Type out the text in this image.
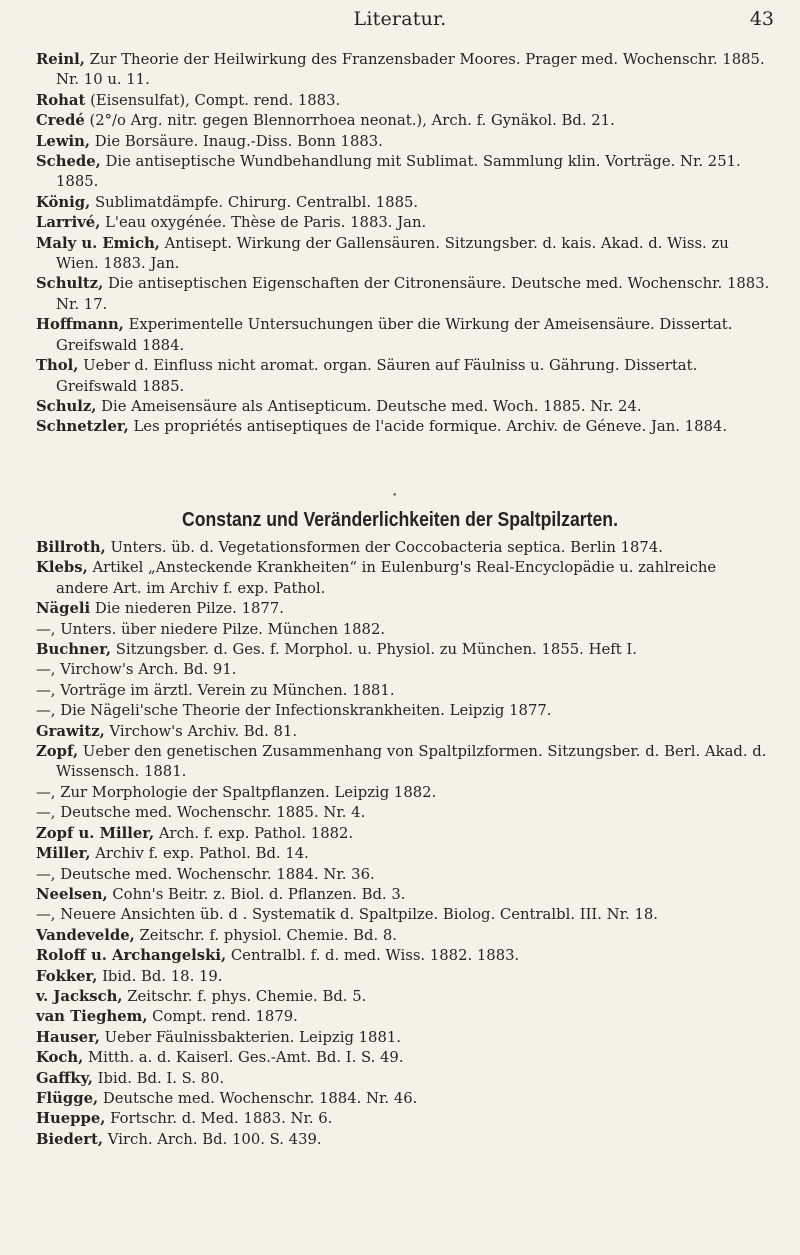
Literatur.	43

Reinl, Zur Theorie der Heilwirkung des Franzensbader Moores. Prager med. Wochenschr. 1885. Nr. 10 u. 11.

Rohat (Eisensulfat), Compt. rend. 1883.

Credé (2°/o Arg. nitr. gegen Blennorrhoea neonat.), Arch. f. Gynäkol. Bd. 21.

Lewin, Die Borsäure. Inaug.-Diss. Bonn 1883.

Schede, Die antiseptische Wundbehandlung mit Sublimat. Sammlung klin. Vorträge. Nr. 251. 1885.

König, Sublimatdämpfe. Chirurg. Centralbl. 1885.

Larrivé, L'eau oxygénée. Thèse de Paris. 1883. Jan.

Maly u. Emich, Antisept. Wirkung der Gallensäuren. Sitzungsber. d. kais. Akad. d. Wiss. zu Wien. 1883. Jan.

Schultz, Die antiseptischen Eigenschaften der Citronensäure. Deutsche med. Wochenschr. 1883. Nr. 17.

Hoffmann, Experimentelle Untersuchungen über die Wirkung der Ameisensäure. Dissertat. Greifswald 1884.

Thol, Ueber d. Einfluss nicht aromat. organ. Säuren auf Fäulniss u. Gährung. Dissertat. Greifswald 1885.

Schulz, Die Ameisensäure als Antisepticum. Deutsche med. Woch. 1885. Nr. 24.

Schnetzler, Les propriétés antiseptiques de l'acide formique. Archiv. de Géneve. Jan. 1884.

•
Constanz und Veränderlichkeiten der Spaltpilzarten.

Billroth, Unters. üb. d. Vegetationsformen der Coccobacteria septica. Berlin 1874.

Klebs, Artikel „Ansteckende Krankheiten“ in Eulenburg's Real-Encyclopädie u. zahlreiche andere Art. im Archiv f. exp. Pathol.

Nägeli Die niederen Pilze. 1877.

—, Unters. über niedere Pilze. München 1882.

Buchner, Sitzungsber. d. Ges. f. Morphol. u. Physiol. zu München. 1855. Heft I.

—, Virchow's Arch. Bd. 91.

—, Vorträge im ärztl. Verein zu München. 1881.

—, Die Nägeli'sche Theorie der Infectionskrankheiten. Leipzig 1877.

Grawitz, Virchow's Archiv. Bd. 81.

Zopf, Ueber den genetischen Zusammenhang von Spaltpilzformen. Sitzungsber. d. Berl. Akad. d. Wissensch. 1881.

—, Zur Morphologie der Spaltpflanzen. Leipzig 1882.

—, Deutsche med. Wochenschr. 1885. Nr. 4.

Zopf u. Miller, Arch. f. exp. Pathol. 1882.

Miller, Archiv f. exp. Pathol. Bd. 14.

—, Deutsche med. Wochenschr. 1884. Nr. 36.

Neelsen, Cohn's Beitr. z. Biol. d. Pflanzen. Bd. 3.

—, Neuere Ansichten üb. d . Systematik d. Spaltpilze. Biolog. Centralbl. III. Nr. 18.

Vandevelde, Zeitschr. f. physiol. Chemie. Bd. 8.

Roloff u. Archangelski, Centralbl. f. d. med. Wiss. 1882. 1883.

Fokker, Ibid. Bd. 18. 19.

v. Jacksch, Zeitschr. f. phys. Chemie. Bd. 5.

van Tieghem, Compt. rend. 1879.

Hauser, Ueber Fäulnissbakterien. Leipzig 1881.

Koch, Mitth. a. d. Kaiserl. Ges.-Amt. Bd. I. S. 49.

Gaffky, Ibid. Bd. I. S. 80.

Flügge, Deutsche med. Wochenschr. 1884. Nr. 46.

Hueppe, Fortschr. d. Med. 1883. Nr. 6.

Biedert, Virch. Arch. Bd. 100. S. 439.
